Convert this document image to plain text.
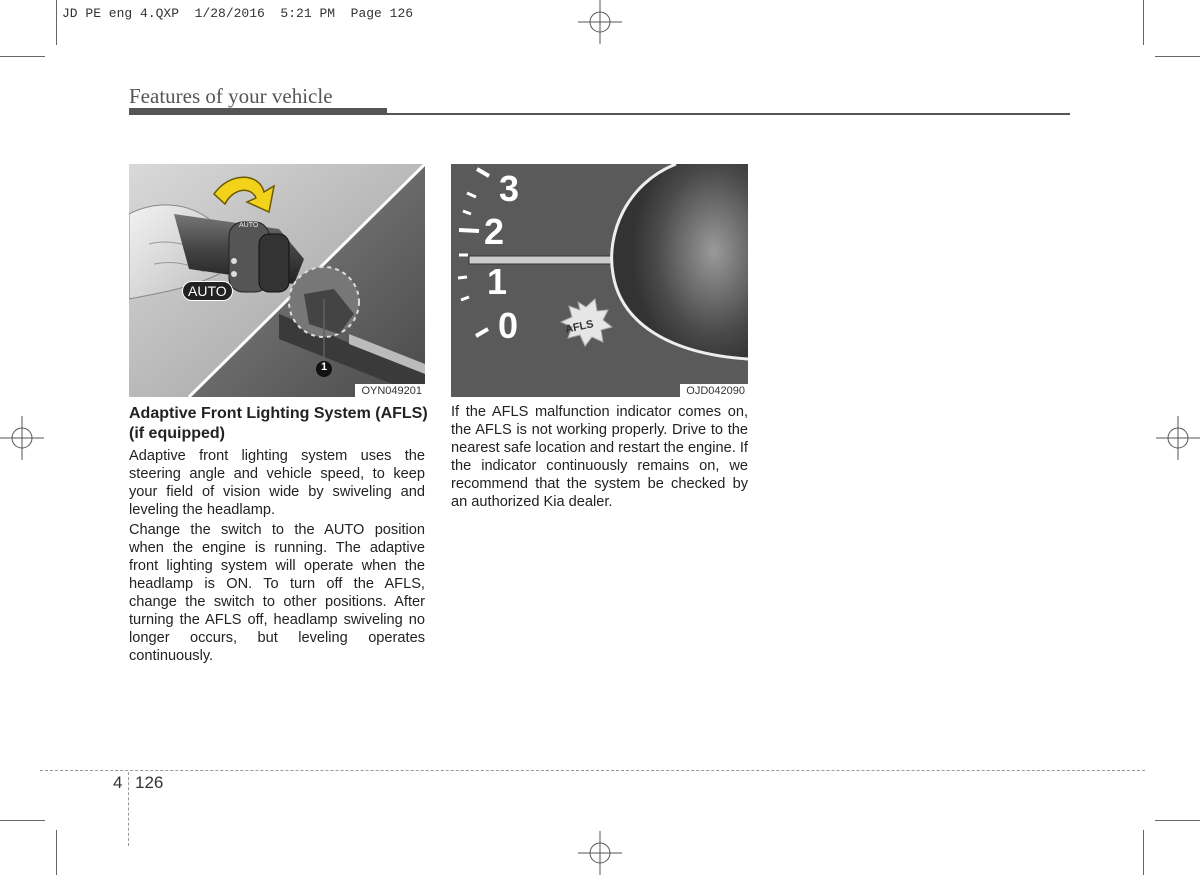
JD PE eng 4.QXP  1/28/2016  5:21 PM  Page 126
Features of your vehicle
AUTO
AUTO
1
OYN049201
3
2
1
0	AFLS
OJD042090
Adaptive Front Lighting System (AFLS) (if equipped)
Adaptive front lighting system uses the steering angle and vehicle speed, to keep your field of vision wide by swiveling and leveling the headlamp.
Change the switch to the AUTO position when the engine is running. The adaptive front lighting system will operate when the headlamp is ON. To turn off the AFLS, change the switch to other positions. After turning the AFLS off, headlamp swiveling no longer occurs, but leveling operates continuously.
If the AFLS malfunction indicator comes on, the AFLS is not working properly. Drive to the nearest safe location and restart the engine. If the indicator continuously remains on, we recommend that the system be checked by an authorized Kia dealer.
4 126
